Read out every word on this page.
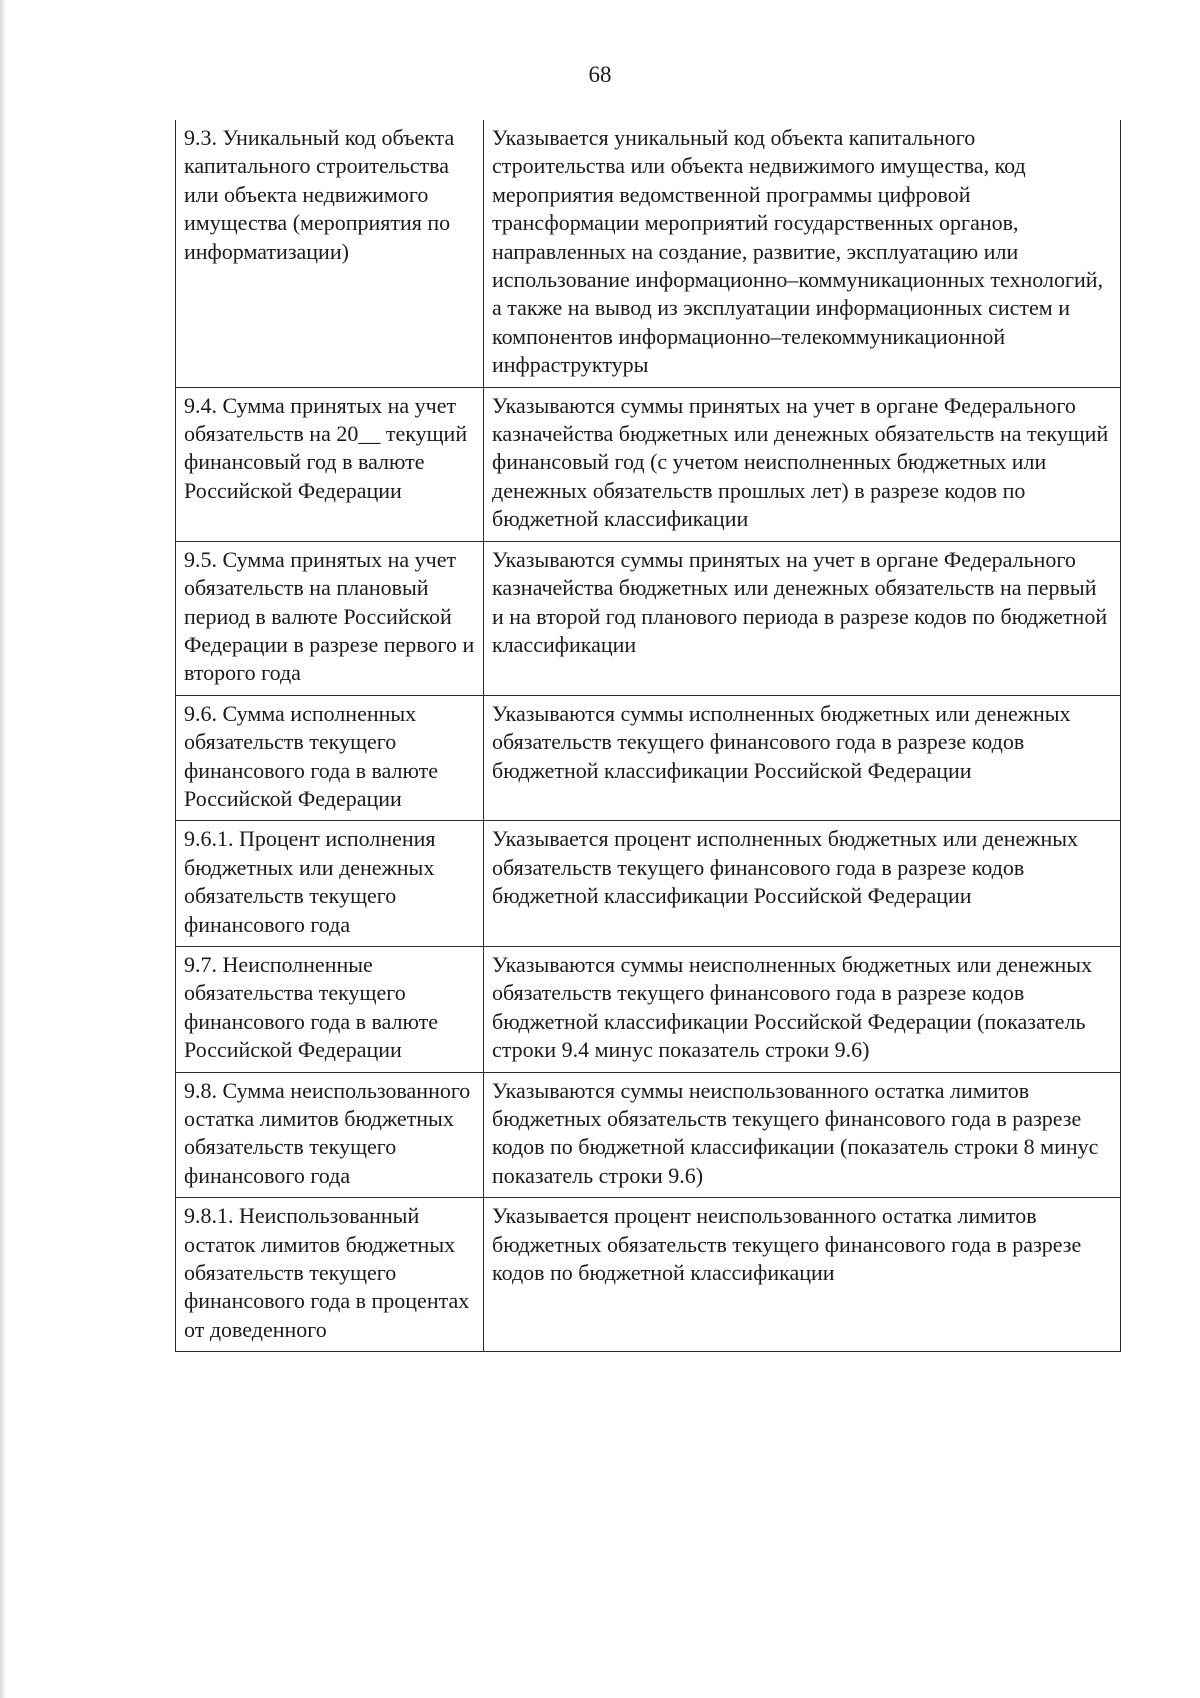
68
9.3. Уникальный код объекта капитального строительства или объекта недвижимого имущества (мероприятия по информатизации)	Указывается уникальный код объекта капитального строительства или объекта недвижимого имущества, код мероприятия ведомственной программы цифровой трансформации мероприятий государственных органов, направленных на создание, развитие, эксплуатацию или использование информационно–коммуникационных технологий, а также на вывод из эксплуатации информационных систем и компонентов информационно–телекоммуникационной инфраструктуры
9.4. Сумма принятых на учет обязательств на 20__ текущий финансовый год в валюте Российской Федерации	Указываются суммы принятых на учет в органе Федерального казначейства бюджетных или денежных обязательств на текущий финансовый год (с учетом неисполненных бюджетных или денежных обязательств прошлых лет) в разрезе кодов по бюджетной классификации
9.5. Сумма принятых на учет обязательств на плановый период в валюте Российской Федерации в разрезе первого и второго года	Указываются суммы принятых на учет в органе Федерального казначейства бюджетных или денежных обязательств на первый и на второй год планового периода в разрезе кодов по бюджетной классификации
9.6. Сумма исполненных обязательств текущего финансового года в валюте Российской Федерации	Указываются суммы исполненных бюджетных или денежных обязательств текущего финансового года в разрезе кодов бюджетной классификации Российской Федерации
9.6.1. Процент исполнения бюджетных или денежных обязательств текущего финансового года	Указывается процент исполненных бюджетных или денежных обязательств текущего финансового года в разрезе кодов бюджетной классификации Российской Федерации
9.7. Неисполненные обязательства текущего финансового года в валюте Российской Федерации	Указываются суммы неисполненных бюджетных или денежных обязательств текущего финансового года в разрезе кодов бюджетной классификации Российской Федерации (показатель строки 9.4 минус показатель строки 9.6)
9.8. Сумма неиспользованного остатка лимитов бюджетных обязательств текущего финансового года	Указываются суммы неиспользованного остатка лимитов бюджетных обязательств текущего финансового года в разрезе кодов по бюджетной классификации (показатель строки 8 минус показатель строки 9.6)
9.8.1. Неиспользованный остаток лимитов бюджетных обязательств текущего финансового года в процентах от доведенного	Указывается процент неиспользованного остатка лимитов бюджетных обязательств текущего финансового года в разрезе кодов по бюджетной классификации
